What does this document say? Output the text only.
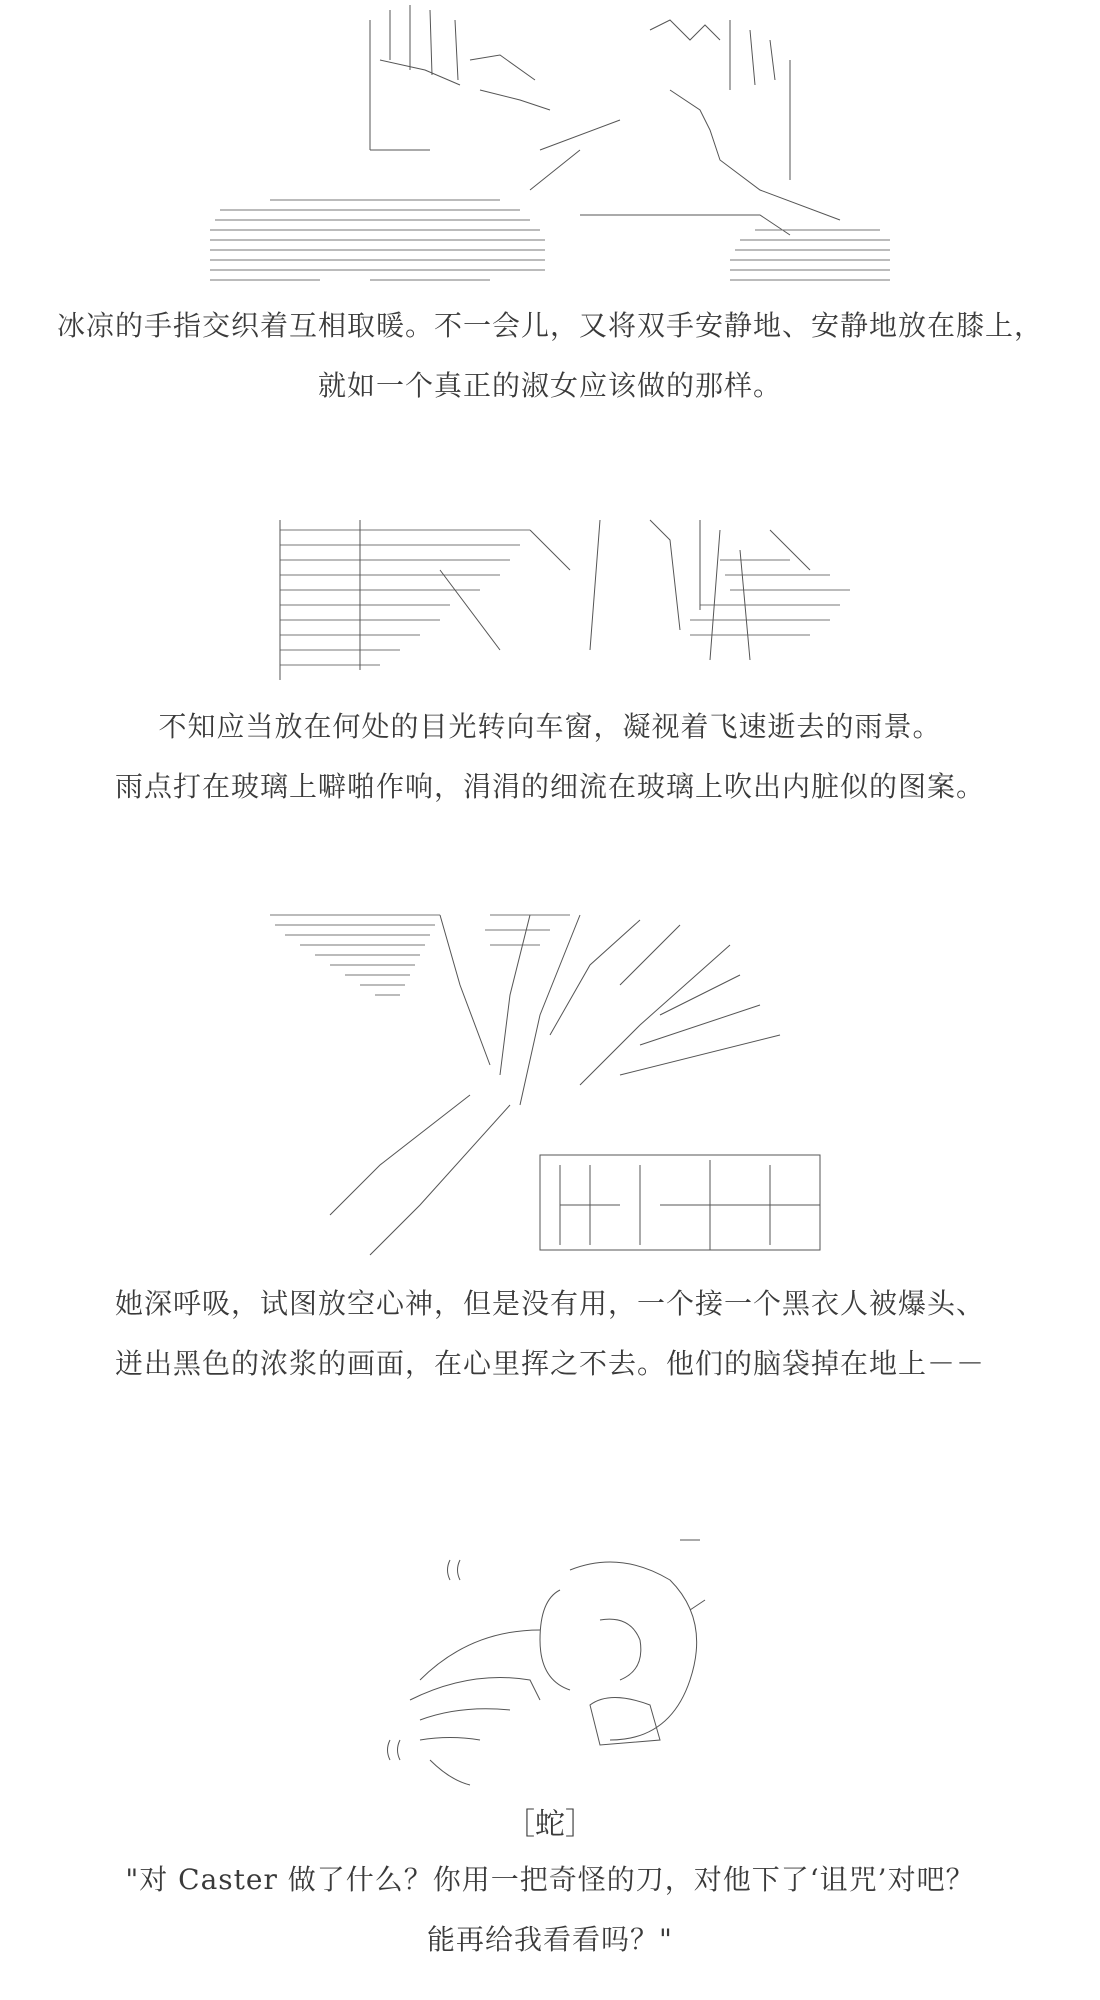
冰凉的手指交织着互相取暖。不一会儿，又将双手安静地、安静地放在膝上，
就如一个真正的淑女应该做的那样。
不知应当放在何处的目光转向车窗，凝视着飞速逝去的雨景。
雨点打在玻璃上噼啪作响，涓涓的细流在玻璃上吹出内脏似的图案。
她深呼吸，试图放空心神，但是没有用，一个接一个黑衣人被爆头、
迸出黑色的浓浆的画面，在心里挥之不去。他们的脑袋掉在地上－－
［蛇］
"对 Caster 做了什么？你用一把奇怪的刀，对他下了‘诅咒’对吧？
能再给我看看吗？"
